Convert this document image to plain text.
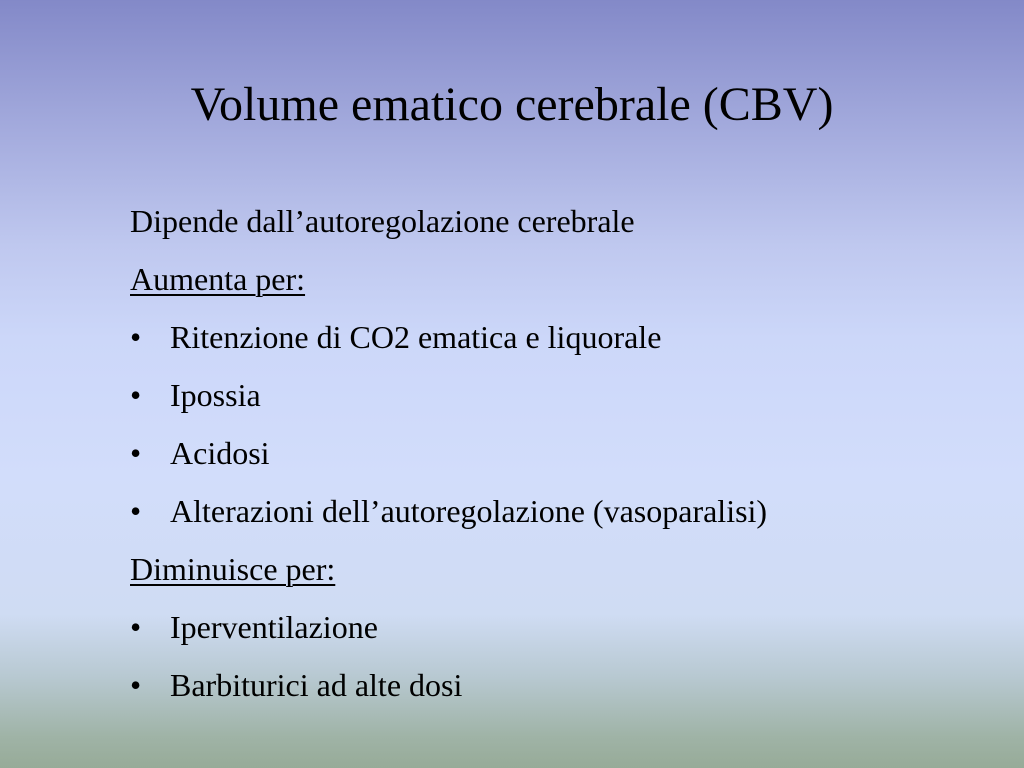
Volume ematico cerebrale (CBV)
Dipende dall’autoregolazione cerebrale
Aumenta per:
• Ritenzione di CO2 ematica e liquorale
• Ipossia
• Acidosi
• Alterazioni dell’autoregolazione (vasoparalisi)
Diminuisce per:
• Iperventilazione
• Barbiturici ad alte dosi
